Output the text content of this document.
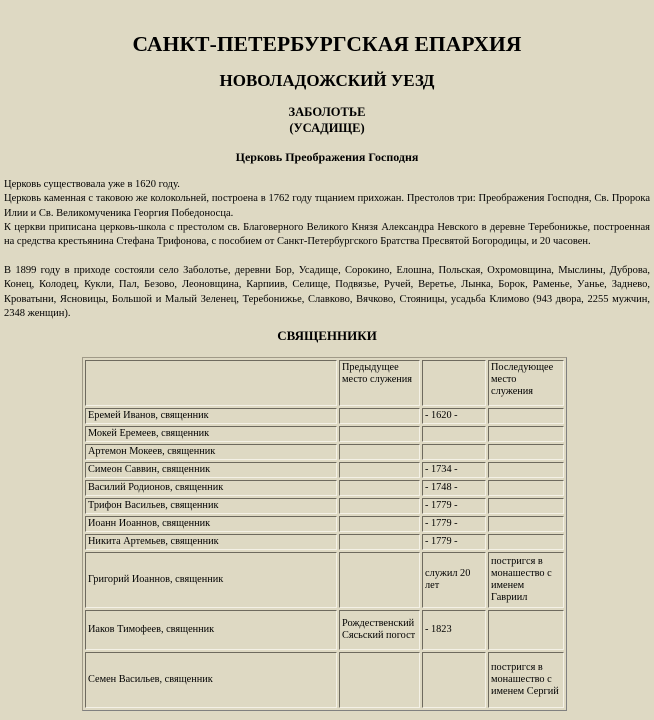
САНКТ-ПЕТЕРБУРГСКАЯ ЕПАРХИЯ
НОВОЛАДОЖСКИЙ УЕЗД
ЗАБОЛОТЬЕ
(УСАДИЩЕ)
Церковь Преображения Господня
Церковь существовала уже в 1620 году.
Церковь каменная с таковою же колокольней, построена в 1762 году тщанием прихожан. Престолов три: Преображения Господня, Св. Пророка Илии и Св. Великомученика Георгия Победоносца.
К церкви приписана церковь-школа с престолом св. Благоверного Великого Князя Александра Невского в деревне Теребонижье, построенная на средства крестьянина Стефана Трифонова, с пособием от Санкт-Петербургского Братства Пресвятой Богородицы, и 20 часовен.
В 1899 году в приходе состояли село Заболотье, деревни Бор, Усадище, Сорокино, Елошна, Польская, Охромовщина, Мыслины, Дуброва, Конец, Колодец, Кукли, Пал, Безово, Леоновщина, Карпиив, Селище, Подвязье, Ручей, Веретье, Лынка, Борок, Раменье, Уанье, Заднево, Кроватыни, Ясновицы, Большой и Малый Зеленец, Теребонижье, Славково, Вячково, Стояницы, усадьба Климово (943 двора, 2255 мужчин, 2348 женщин).
СВЯЩЕННИКИ
	Предыдущее место служения		Последующее место служения
Еремей Иванов, священник		- 1620 -	
Мокей Еремеев, священник			
Артемон Мокеев, священник			
Симеон Саввин, священник		- 1734 -	
Василий Родионов, священник		- 1748 -	
Трифон Васильев, священник		- 1779 -	
Иоанн Иоаннов, священник		- 1779 -	
Никита Артемьев, священник		- 1779 -	
Григорий Иоаннов, священник		служил 20 лет	постригся в монашество с именем Гавриил
Иаков Тимофеев, священник	Рождественский Сясьский погост	- 1823	
Семен Васильев, священник			постригся в монашество с именем Сергий
